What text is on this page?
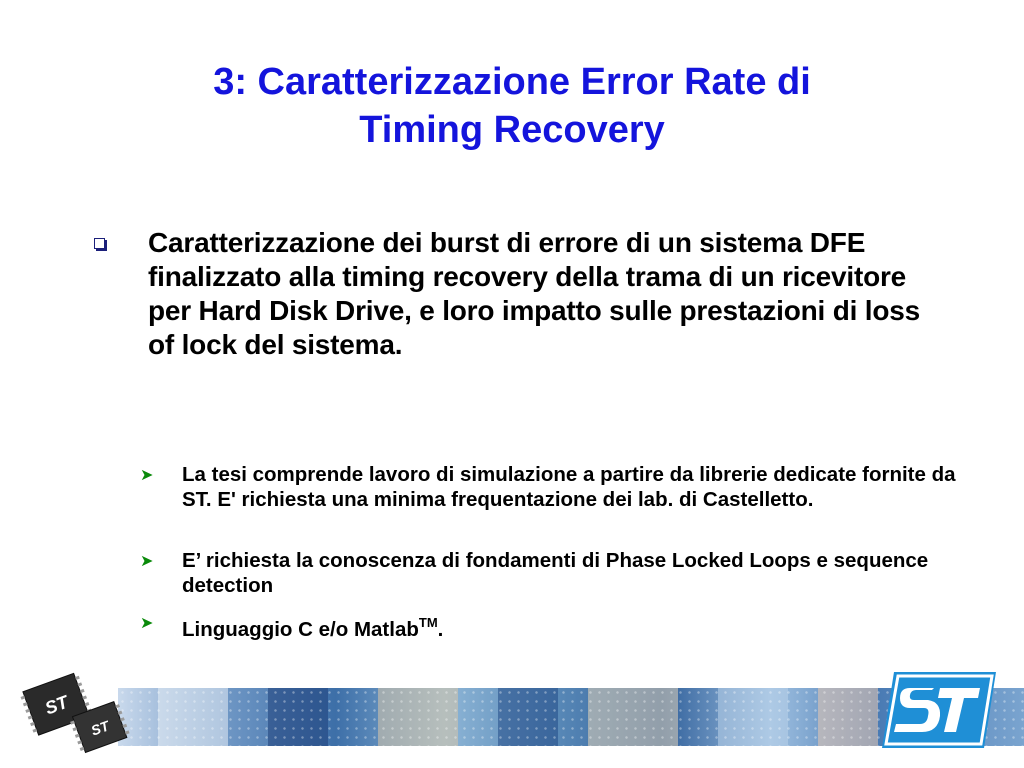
3: Caratterizzazione Error Rate di
Timing Recovery
Caratterizzazione dei burst di errore di un sistema DFE finalizzato alla timing recovery della trama di un ricevitore per Hard Disk Drive, e loro impatto sulle prestazioni di loss of lock del sistema.
➤ La tesi comprende lavoro di simulazione a partire da librerie dedicate fornite da ST. E' richiesta una minima frequentazione dei lab. di Castelletto.
➤ E’ richiesta la conoscenza di fondamenti di Phase Locked Loops e sequence detection
➤ Linguaggio C e/o Matlab™.
ST
ST
